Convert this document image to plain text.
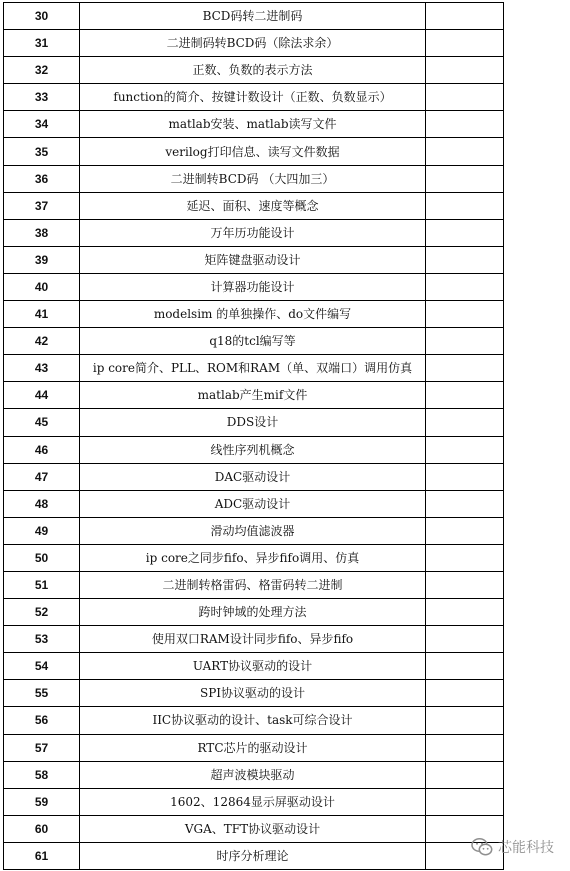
30	BCD码转二进制码	
31	二进制码转BCD码（除法求余）	
32	正数、负数的表示方法	
33	function的简介、按键计数设计（正数、负数显示）	
34	matlab安装、matlab读写文件	
35	verilog打印信息、读写文件数据	
36	二进制转BCD码 （大四加三）	
37	延迟、面积、速度等概念	
38	万年历功能设计	
39	矩阵键盘驱动设计	
40	计算器功能设计	
41	modelsim 的单独操作、do文件编写	
42	q18的tcl编写等	
43	ip core简介、PLL、ROM和RAM（单、双端口）调用仿真	
44	matlab产生mif文件	
45	DDS设计	
46	线性序列机概念	
47	DAC驱动设计	
48	ADC驱动设计	
49	滑动均值滤波器	
50	ip core之同步fifo、异步fifo调用、仿真	
51	二进制转格雷码、格雷码转二进制	
52	跨时钟域的处理方法	
53	使用双口RAM设计同步fifo、异步fifo	
54	UART协议驱动的设计	
55	SPI协议驱动的设计	
56	IIC协议驱动的设计、task可综合设计	
57	RTC芯片的驱动设计	
58	超声波模块驱动	
59	1602、12864显示屏驱动设计	
60	VGA、TFT协议驱动设计	
61	时序分析理论		芯能科技
